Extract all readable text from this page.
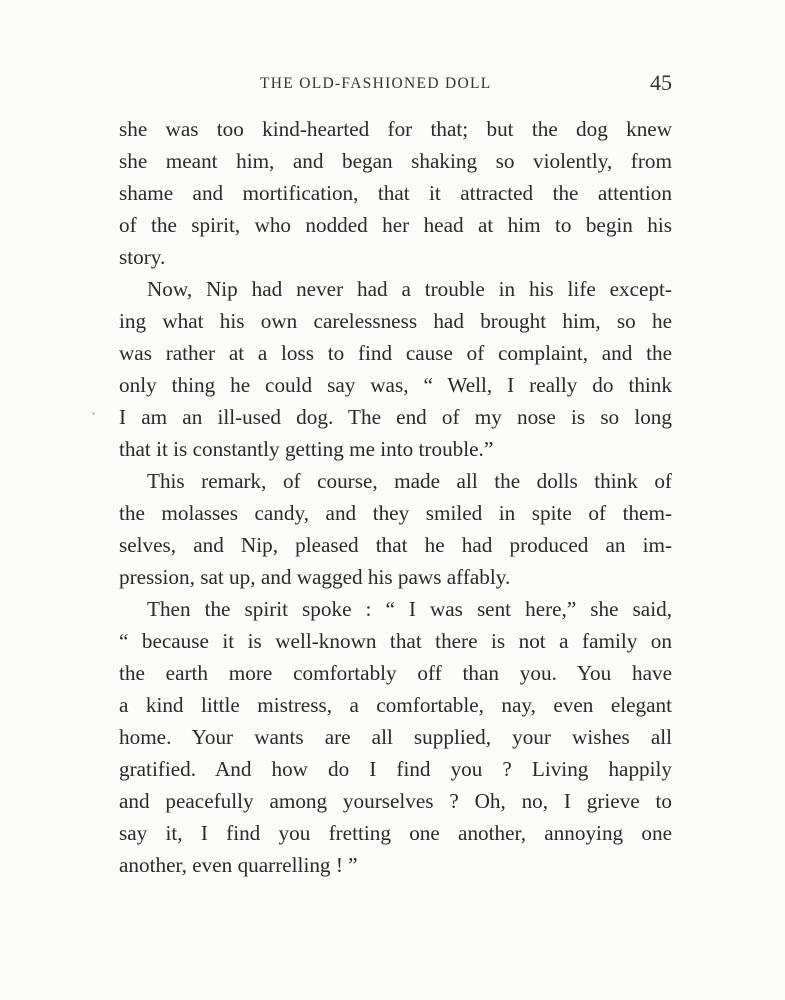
THE OLD-FASHIONED DOLL	45
she was too kind-hearted for that; but the dog knew
she meant him, and began shaking so violently, from
shame and mortification, that it attracted the attention
of the spirit, who nodded her head at him to begin his
story.
Now, Nip had never had a trouble in his life except-
ing what his own carelessness had brought him, so he
was rather at a loss to find cause of complaint, and the
only thing he could say was, “ Well, I really do think
I am an ill-used dog. The end of my nose is so long
that it is constantly getting me into trouble.”
This remark, of course, made all the dolls think of
the molasses candy, and they smiled in spite of them-
selves, and Nip, pleased that he had produced an im-
pression, sat up, and wagged his paws affably.
Then the spirit spoke : “ I was sent here,” she said,
“ because it is well-known that there is not a family on
the earth more comfortably off than you. You have
a kind little mistress, a comfortable, nay, even elegant
home. Your wants are all supplied, your wishes all
gratified. And how do I find you ? Living happily
and peacefully among yourselves ? Oh, no, I grieve to
say it, I find you fretting one another, annoying one
another, even quarrelling ! ”
